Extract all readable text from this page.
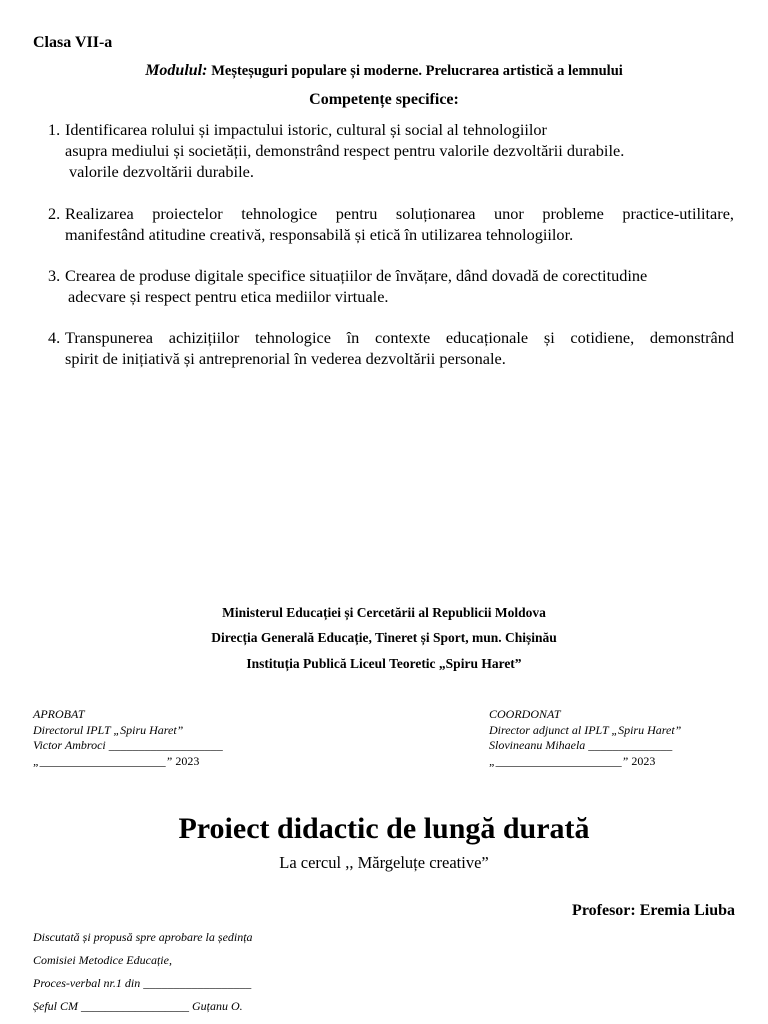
Clasa VII-a
Modulul: Meșteșuguri populare și moderne. Prelucrarea artistică a lemnului
Competențe specifice:
1. Identificarea rolului și impactului istoric, cultural și social al tehnologiilor
asupra mediului și societății, demonstrând respect pentru valorile dezvoltării durabile.
valorile dezvoltării durabile.
2. Realizarea proiectelor tehnologice pentru soluționarea unor probleme practice-utilitare,
manifestând atitudine creativă, responsabilă și etică în utilizarea tehnologiilor.
3. Crearea de produse digitale specifice situațiilor de învățare, dând dovadă de corectitudine
adecvare și respect pentru etica mediilor virtuale.
4. Transpunerea achizițiilor tehnologice în contexte educaționale și cotidiene, demonstrând
spirit de inițiativă și antreprenorial în vederea dezvoltării personale.
Ministerul Educației și Cercetării al Republicii Moldova
Direcția Generală Educație, Tineret și Sport, mun. Chișinău
Instituția Publică Liceul Teoretic „Spiru Haret”
APROBAT
Directorul IPLT „Spiru Haret”
Victor Ambroci ___________________
„_____________________” 2023
COORDONAT
Director adjunct al IPLT „Spiru Haret”
Slovineanu Mihaela ______________
„_____________________” 2023
Proiect didactic de lungă durată
La cercul ,, Mărgeluțe creative”
Profesor: Eremia Liuba
Discutată și propusă spre aprobare la ședința
Comisiei Metodice Educație,
Proces-verbal nr.1 din __________________
Șeful CM __________________ Guțanu O.
